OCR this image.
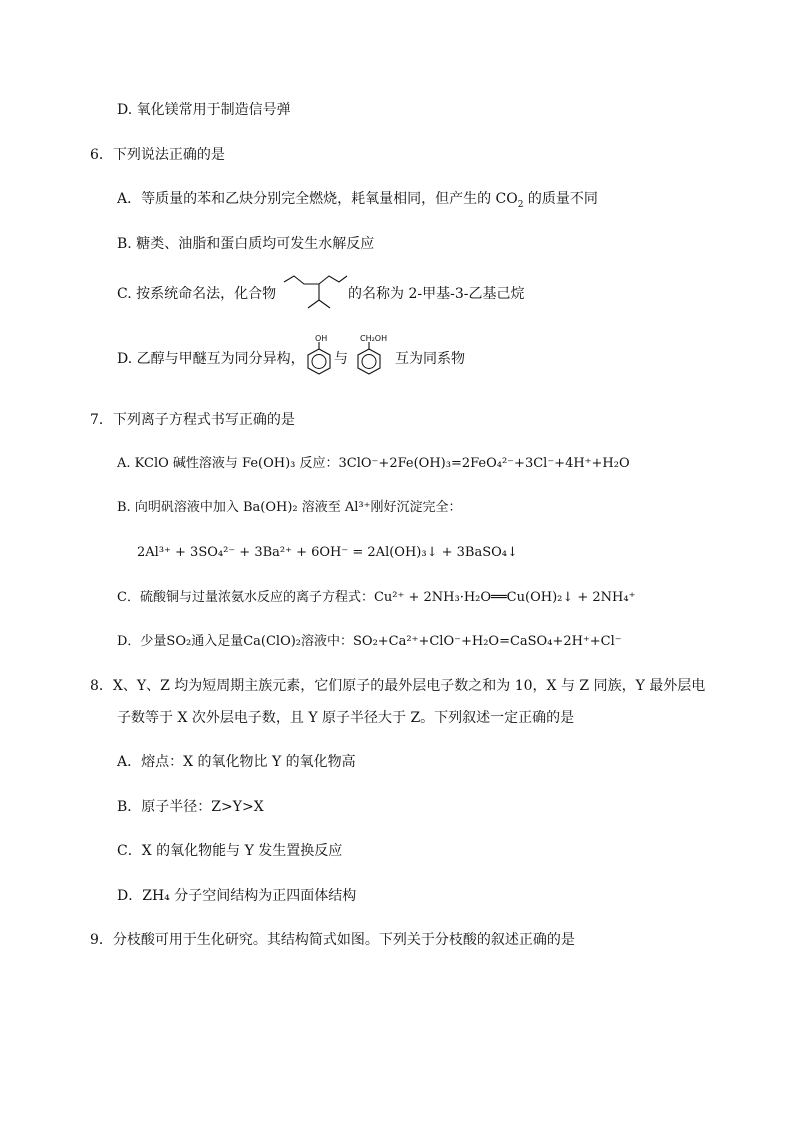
D. 氧化镁常用于制造信号弹
6．下列说法正确的是
A．等质量的苯和乙炔分别完全燃烧，耗氧量相同，但产生的 $CO_2$ 的质量不同
B. 糖类、油脂和蛋白质均可发生水解反应
C. 按系统命名法，化合物	的名称为 2-甲基-3-乙基己烷
D. 乙醇与甲醚互为同分异构，
OH	CH₂OH
与	互为同系物
7．下列离子方程式书写正确的是
A. KClO 碱性溶液与 Fe(OH)₃ 反应：3ClO⁻+2Fe(OH)₃=2FeO₄²⁻+3Cl⁻+4H⁺+H₂O
B. 向明矾溶液中加入 Ba(OH)₂ 溶液至 Al³⁺刚好沉淀完全：
2Al³⁺ + 3SO₄²⁻ + 3Ba²⁺ + 6OH⁻ = 2Al(OH)₃↓ + 3BaSO₄↓
C．硫酸铜与过量浓氨水反应的离子方程式：Cu²⁺ + 2NH₃·H₂O══Cu(OH)₂↓ + 2NH₄⁺
D．少量SO₂通入足量Ca(ClO)₂溶液中：SO₂+Ca²⁺+ClO⁻+H₂O=CaSO₄+2H⁺+Cl⁻
8．X、Y、Z 均为短周期主族元素，它们原子的最外层电子数之和为 10，X 与 Z 同族，Y 最外层电
子数等于 X 次外层电子数，且 Y 原子半径大于 Z。下列叙述一定正确的是
A．熔点：X 的氧化物比 Y 的氧化物高
B．原子半径：Z>Y>X
C．X 的氧化物能与 Y 发生置换反应
D．ZH₄ 分子空间结构为正四面体结构
9．分枝酸可用于生化研究。其结构简式如图。下列关于分枝酸的叙述正确的是
